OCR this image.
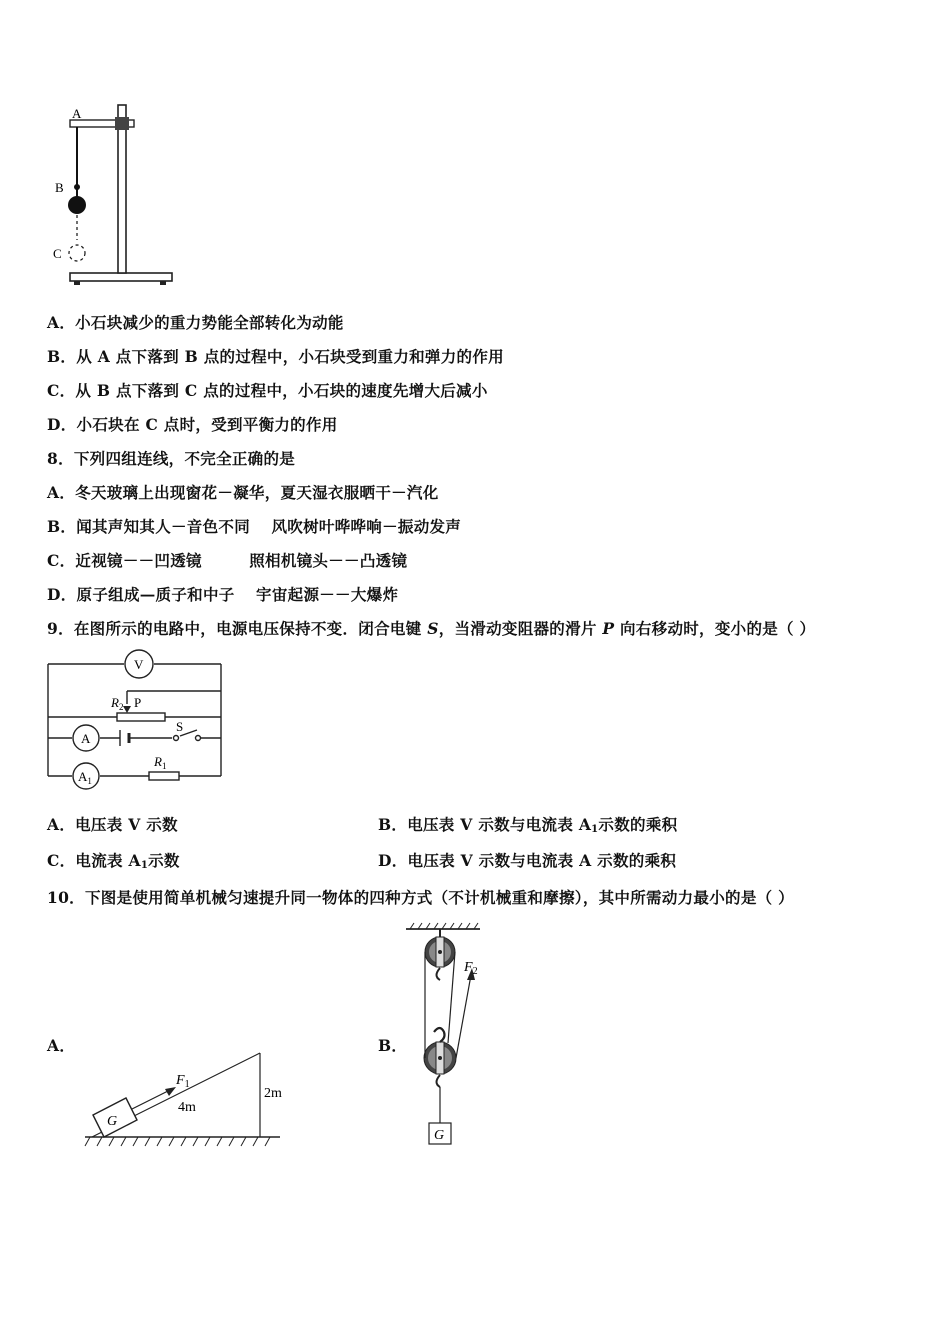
A
B
C
A．小石块减少的重力势能全部转化为动能
B．从 A 点下落到 B 点的过程中，小石块受到重力和弹力的作用
C．从 B 点下落到 C 点的过程中，小石块的速度先增大后减小
D．小石块在 C 点时，受到平衡力的作用
8．下列四组连线，不完全正确的是
A．冬天玻璃上出现窗花－凝华，夏天湿衣服晒干－汽化
B．闻其声知其人－音色不同　 风吹树叶哗哗响－振动发声
C．近视镜－－凹透镜　　　照相机镜头－－凸透镜
D．原子组成—质子和中子　 宇宙起源－－大爆炸
9．在图所示的电路中，电源电压保持不变．闭合电键 S，当滑动变阻器的滑片 P 向右移动时，变小的是（ ）
V
A
$A_1$
$R_2$ P
S
$R_1$
A．电压表 V 示数	B．电压表 V 示数与电流表 $A_1$示数的乘积
C．电流表 $A_1$示数	D．电压表 V 示数与电流表 A 示数的乘积
10．下图是使用简单机械匀速提升同一物体的四种方式（不计机械重和摩擦），其中所需动力最小的是（ ）
A．	B．
G
$F_1$
4m
2m
G
$F_2$
